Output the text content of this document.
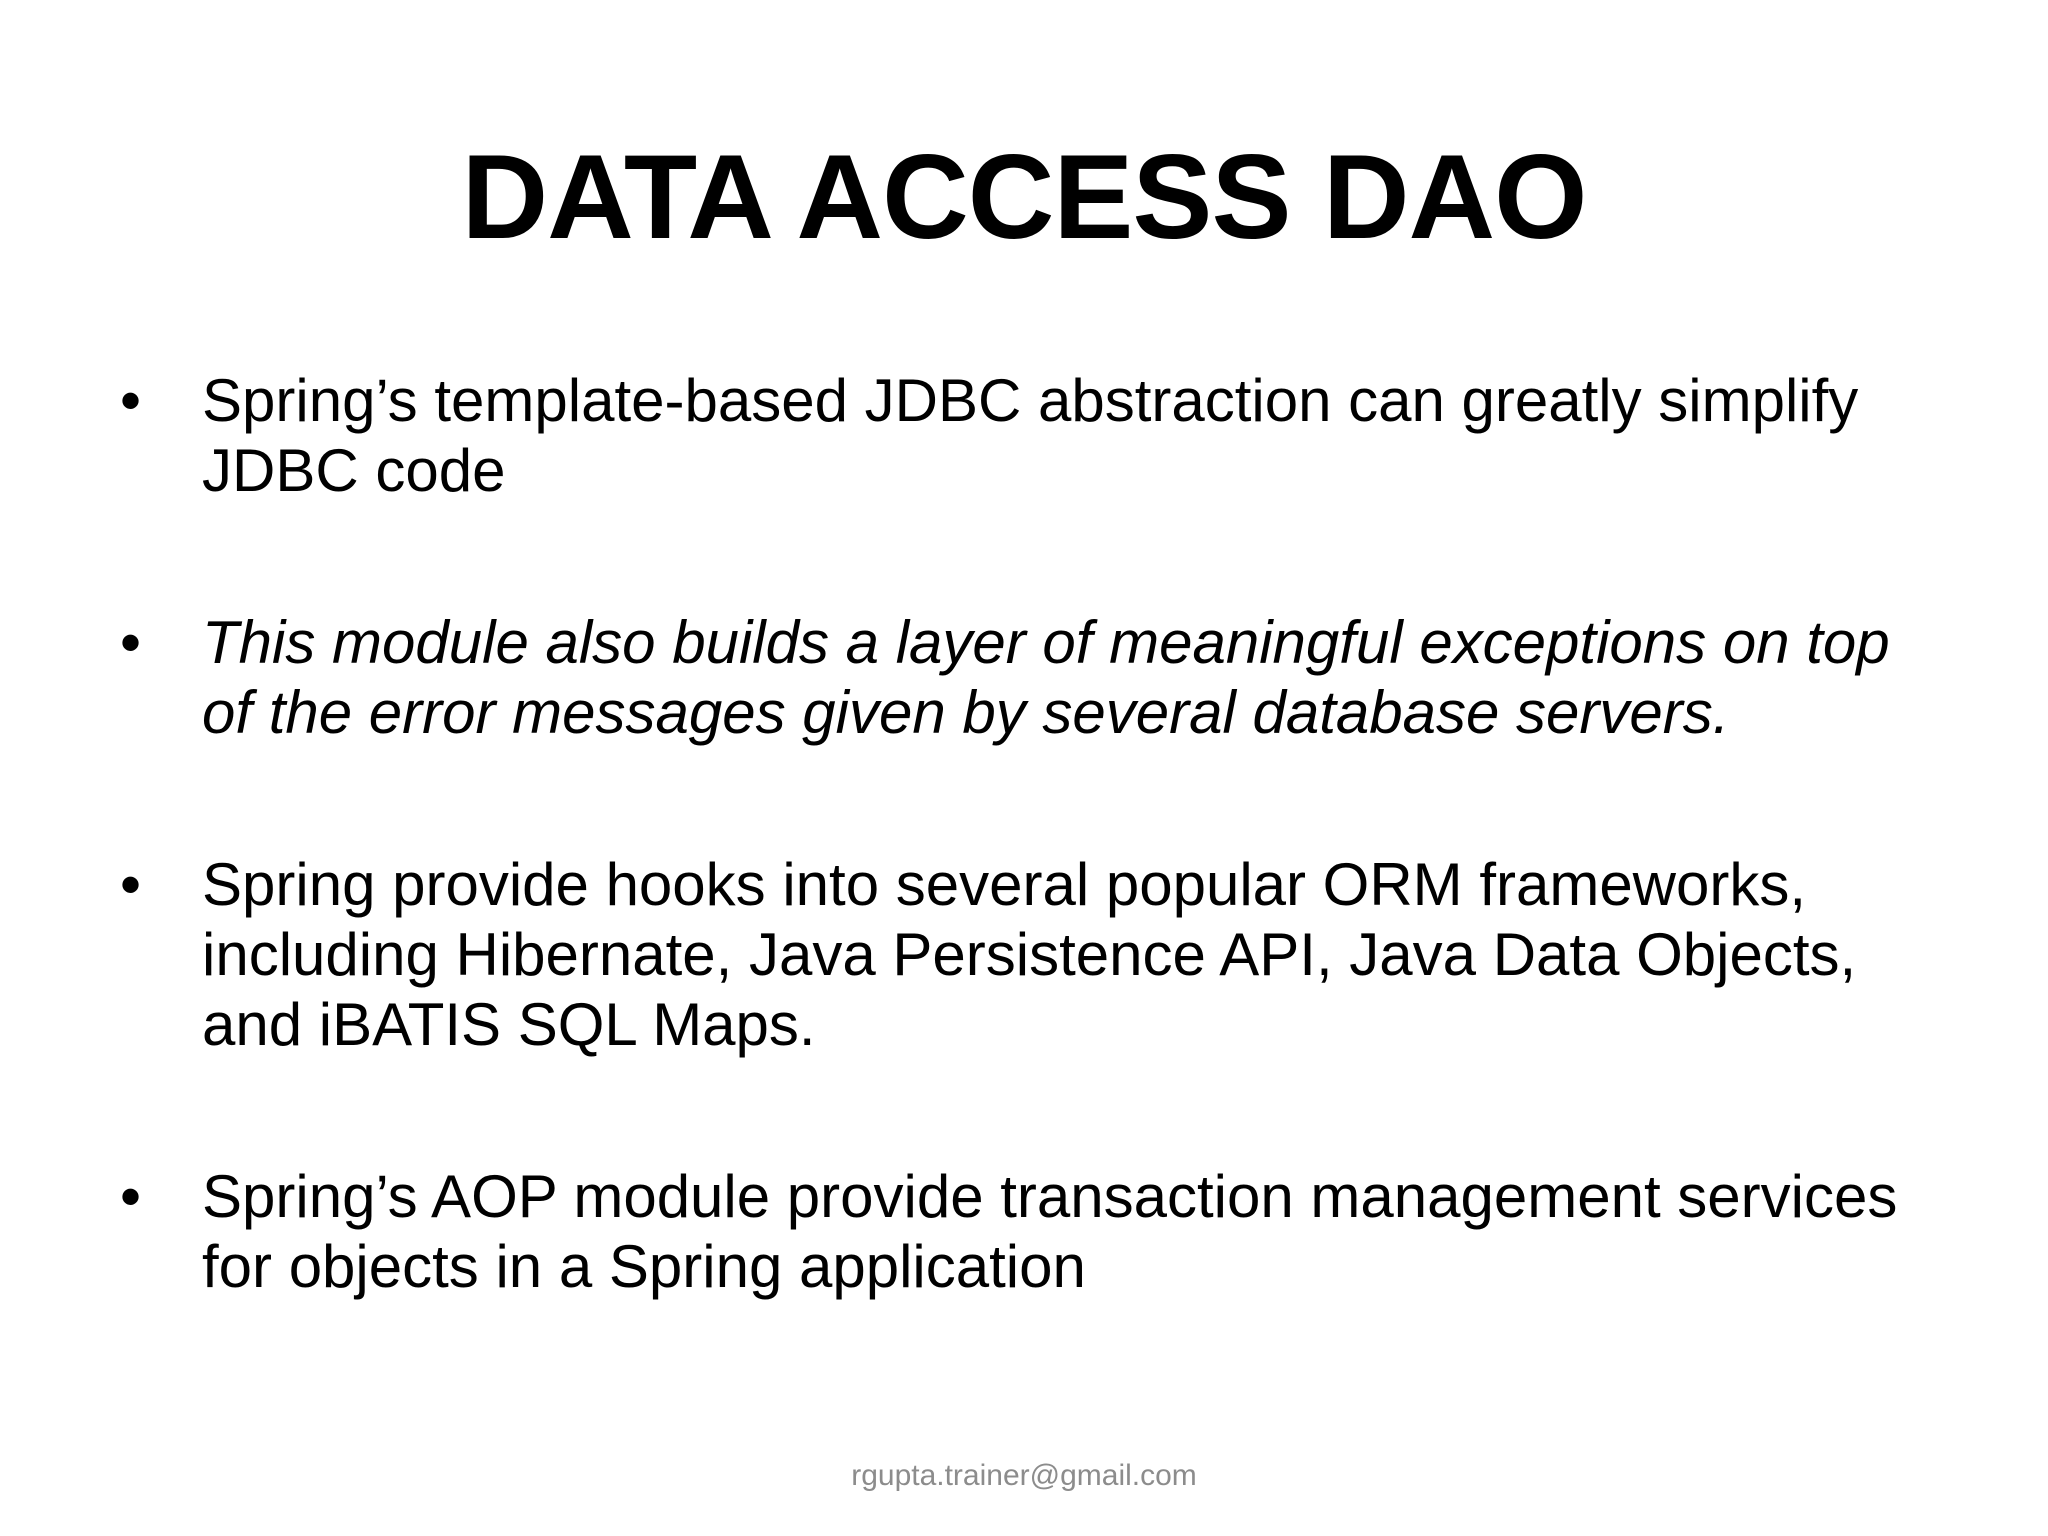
DATA ACCESS DAO
• Spring’s template-based JDBC abstraction can greatly simplify JDBC code
• This module also builds a layer of meaningful exceptions on top of the error messages given by several database servers.
• Spring provide hooks into several popular ORM frameworks, including Hibernate, Java Persistence API, Java Data Objects, and iBATIS SQL Maps.
• Spring’s AOP module provide transaction management services for objects in a Spring application
rgupta.trainer@gmail.com
